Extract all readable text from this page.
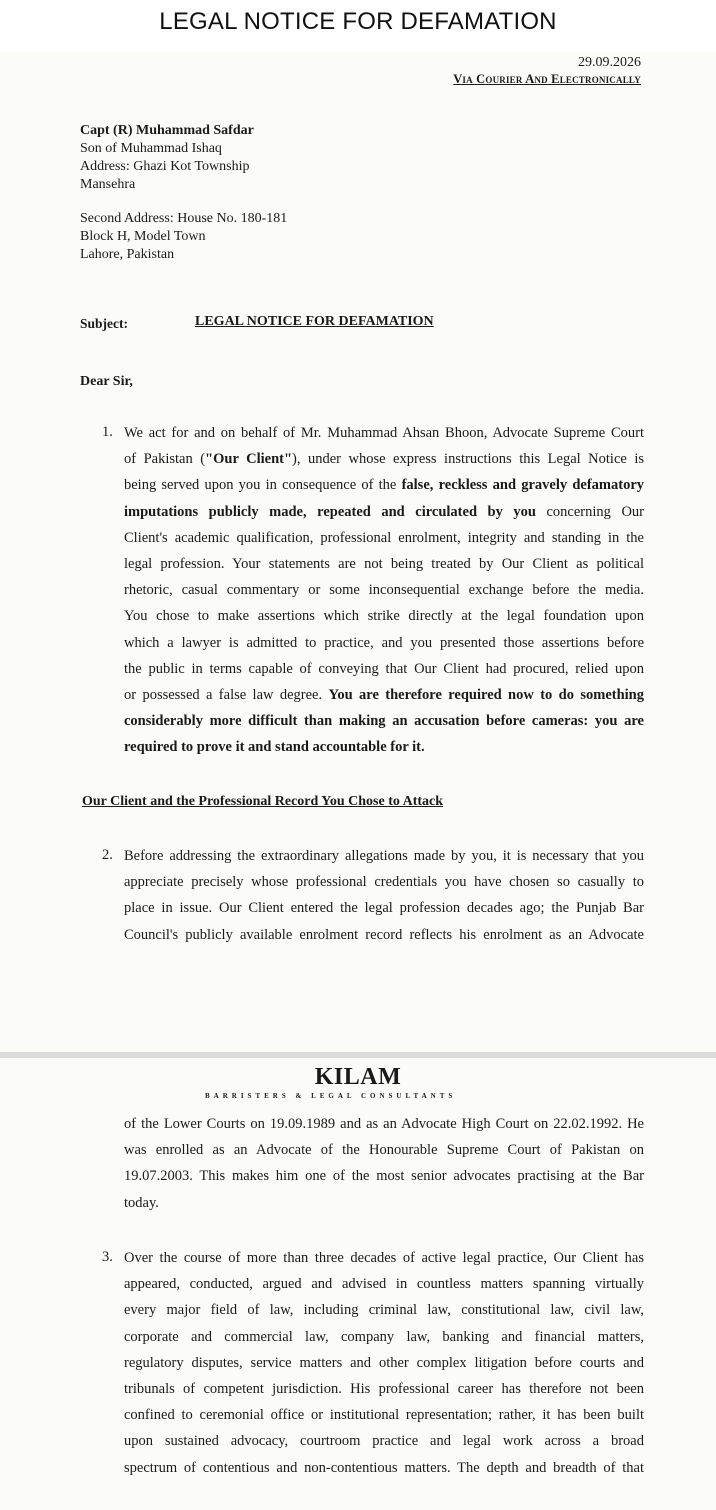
LEGAL NOTICE FOR DEFAMATION
29.09.2026
Via Courier And Electronically
Capt (R) Muhammad Safdar
Son of Muhammad Ishaq
Address: Ghazi Kot Township
Mansehra
Second Address: House No. 180-181
Block H, Model Town
Lahore, Pakistan
Subject:	LEGAL NOTICE FOR DEFAMATION
Dear Sir,
1. We act for and on behalf of Mr. Muhammad Ahsan Bhoon, Advocate Supreme Court
of Pakistan ("Our Client"), under whose express instructions this Legal Notice is
being served upon you in consequence of the false, reckless and gravely defamatory
imputations publicly made, repeated and circulated by you concerning Our
Client's academic qualification, professional enrolment, integrity and standing in the
legal profession. Your statements are not being treated by Our Client as political
rhetoric, casual commentary or some inconsequential exchange before the media.
You chose to make assertions which strike directly at the legal foundation upon
which a lawyer is admitted to practice, and you presented those assertions before
the public in terms capable of conveying that Our Client had procured, relied upon
or possessed a false law degree. You are therefore required now to do something
considerably more difficult than making an accusation before cameras: you are
required to prove it and stand accountable for it.
Our Client and the Professional Record You Chose to Attack
2. Before addressing the extraordinary allegations made by you, it is necessary that you
appreciate precisely whose professional credentials you have chosen so casually to
place in issue. Our Client entered the legal profession decades ago; the Punjab Bar
Council's publicly available enrolment record reflects his enrolment as an Advocate
KILAM
BARRISTERS & LEGAL CONSULTANTS
of the Lower Courts on 19.09.1989 and as an Advocate High Court on 22.02.1992. He
was enrolled as an Advocate of the Honourable Supreme Court of Pakistan on
19.07.2003. This makes him one of the most senior advocates practising at the Bar
today.
3. Over the course of more than three decades of active legal practice, Our Client has
appeared, conducted, argued and advised in countless matters spanning virtually
every major field of law, including criminal law, constitutional law, civil law,
corporate and commercial law, company law, banking and financial matters,
regulatory disputes, service matters and other complex litigation before courts and
tribunals of competent jurisdiction. His professional career has therefore not been
confined to ceremonial office or institutional representation; rather, it has been built
upon sustained advocacy, courtroom practice and legal work across a broad
spectrum of contentious and non-contentious matters. The depth and breadth of that
